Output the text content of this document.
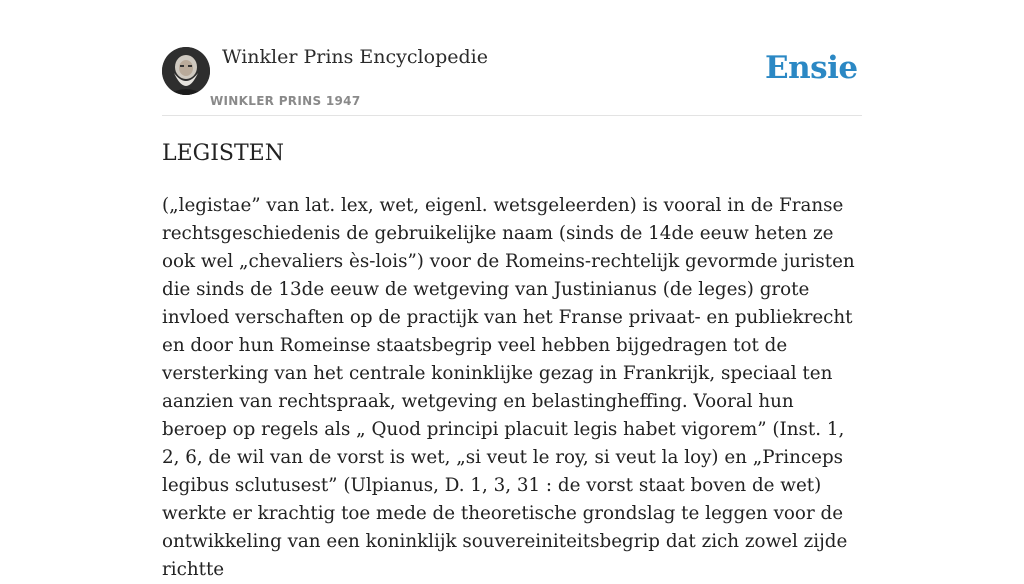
Winkler Prins Encyclopedie
WINKLER PRINS 1947
Ensie
LEGISTEN

(„legistae” van lat. lex, wet, eigenl. wetsgeleerden) is vooral in de Franse rechtsgeschiedenis de gebruikelijke naam (sinds de 14de eeuw heten ze ook wel „chevaliers ès-lois”) voor de Romeins-rechtelijk gevormde juristen die sinds de 13de eeuw de wetgeving van Justinianus (de leges) grote invloed verschaften op de practijk van het Franse privaat- en publiekrecht en door hun Romeinse staatsbegrip veel hebben bijgedragen tot de versterking van het centrale koninklijke gezag in Frankrijk, speciaal ten aanzien van rechtspraak, wetgeving en belastingheffing. Vooral hun beroep op regels als „ Quod principi placuit legis habet vigorem” (Inst. 1, 2, 6, de wil van de vorst is wet, „si veut le roy, si veut la loy) en „Princeps legibus sclutusest” (Ulpianus, D. 1, 3, 31 : de vorst staat boven de wet) werkte er krachtig toe mede de theoretische grondslag te leggen voor de ontwikkeling van een koninklijk souvereiniteitsbegrip dat zich zowel zijde richtte
